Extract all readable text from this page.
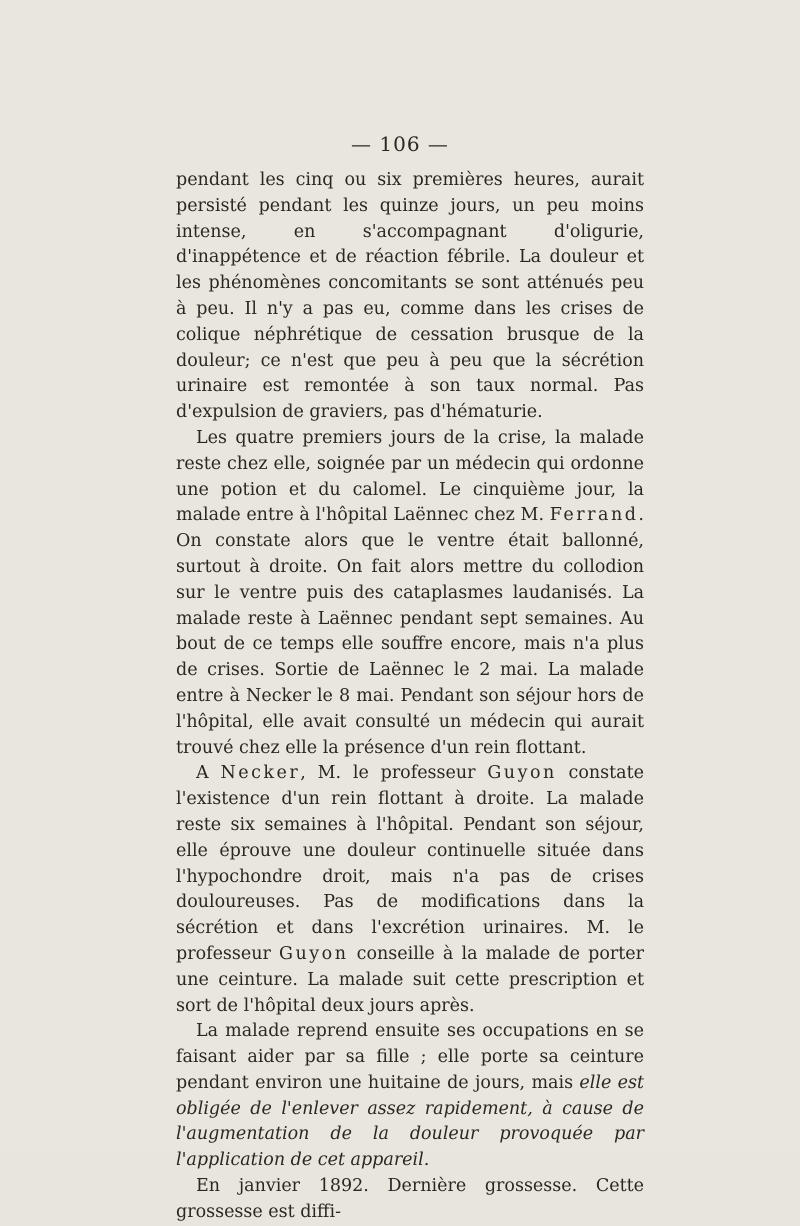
— 106 —

pendant les cinq ou six premières heures, aurait persisté pendant les quinze jours, un peu moins intense, en s'accompagnant d'oligurie, d'inappétence et de réaction fébrile. La douleur et les phénomènes concomitants se sont atténués peu à peu. Il n'y a pas eu, comme dans les crises de colique néphrétique de cessation brusque de la douleur; ce n'est que peu à peu que la sécrétion urinaire est remontée à son taux normal. Pas d'expulsion de graviers, pas d'hématurie.

Les quatre premiers jours de la crise, la malade reste chez elle, soignée par un médecin qui ordonne une potion et du calomel. Le cinquième jour, la malade entre à l'hôpital Laënnec chez M. Ferrand. On constate alors que le ventre était ballonné, surtout à droite. On fait alors mettre du collodion sur le ventre puis des cataplasmes laudanisés. La malade reste à Laënnec pendant sept semaines. Au bout de ce temps elle souffre encore, mais n'a plus de crises. Sortie de Laënnec le 2 mai. La malade entre à Necker le 8 mai. Pendant son séjour hors de l'hôpital, elle avait consulté un médecin qui aurait trouvé chez elle la présence d'un rein flottant.

A Necker, M. le professeur Guyon constate l'existence d'un rein flottant à droite. La malade reste six semaines à l'hôpital. Pendant son séjour, elle éprouve une douleur continuelle située dans l'hypochondre droit, mais n'a pas de crises douloureuses. Pas de modifications dans la sécrétion et dans l'excrétion urinaires. M. le professeur Guyon conseille à la malade de porter une ceinture. La malade suit cette prescription et sort de l'hôpital deux jours après.

La malade reprend ensuite ses occupations en se faisant aider par sa fille ; elle porte sa ceinture pendant environ une huitaine de jours, mais elle est obligée de l'enlever assez rapidement, à cause de l'augmentation de la douleur provoquée par l'application de cet appareil.

En janvier 1892. Dernière grossesse. Cette grossesse est diffi-
